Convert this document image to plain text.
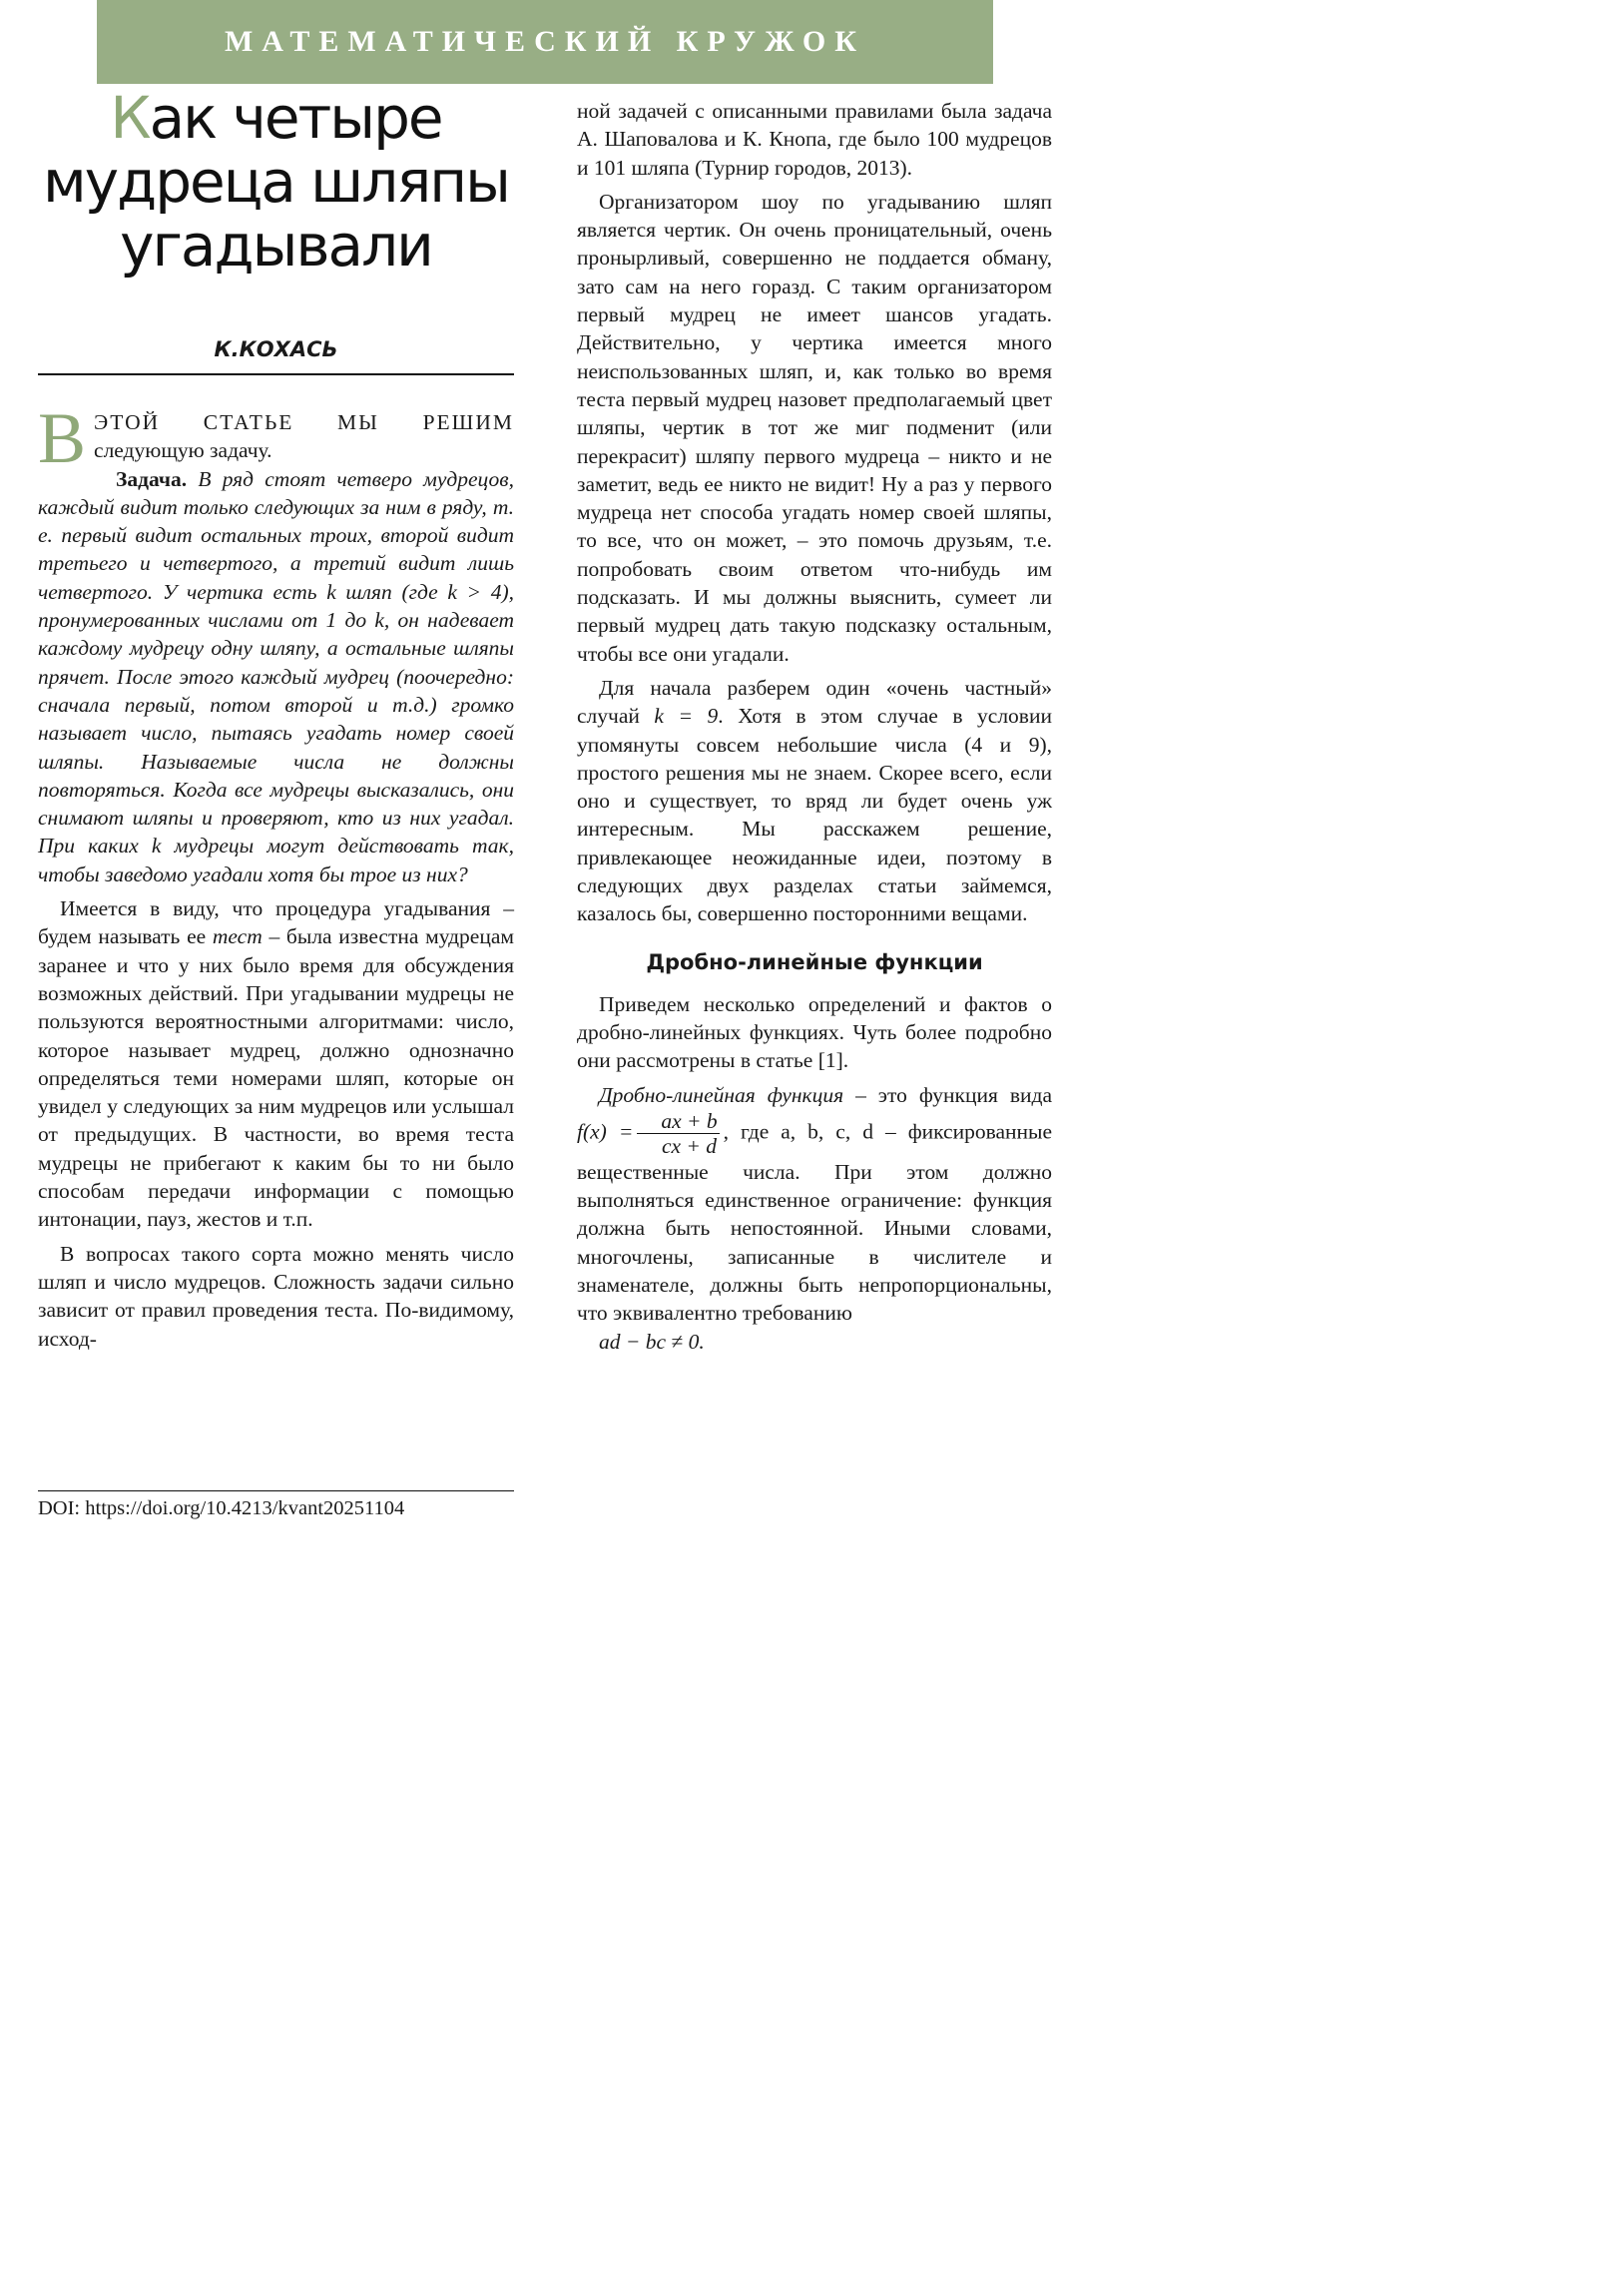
МАТЕМАТИЧЕСКИЙ КРУЖОК
Как четыре
мудреца шляпы
угадывали
К.КОХАСЬ

В ЭТОЙ СТАТЬЕ МЫ РЕШИМ следующую задачу.

Задача. В ряд стоят четверо мудрецов, каждый видит только следующих за ним в ряду, т. е. первый видит остальных троих, второй видит третьего и четвертого, а третий видит лишь четвертого. У чертика есть k шляп (где k > 4), пронумерованных числами от 1 до k, он надевает каждому мудрецу одну шляпу, а остальные шляпы прячет. После этого каждый мудрец (поочередно: сначала первый, потом второй и т.д.) громко называет число, пытаясь угадать номер своей шляпы. Называемые числа не должны повторяться. Когда все мудрецы высказались, они снимают шляпы и проверяют, кто из них угадал. При каких k мудрецы могут действовать так, чтобы заведомо угадали хотя бы трое из них?

Имеется в виду, что процедура угадывания – будем называть ее тест – была известна мудрецам заранее и что у них было время для обсуждения возможных действий. При угадывании мудрецы не пользуются вероятностными алгоритмами: число, которое называет мудрец, должно однозначно определяться теми номерами шляп, которые он увидел у следующих за ним мудрецов или услышал от предыдущих. В частности, во время теста мудрецы не прибегают к каким бы то ни было способам передачи информации с помощью интонации, пауз, жестов и т.п.

В вопросах такого сорта можно менять число шляп и число мудрецов. Сложность задачи сильно зависит от правил проведения теста. По-видимому, исход-

DOI: https://doi.org/10.4213/kvant20251104

ной задачей с описанными правилами была задача А. Шаповалова и К. Кнопа, где было 100 мудрецов и 101 шляпа (Турнир городов, 2013).

Организатором шоу по угадыванию шляп является чертик. Он очень проницательный, очень пронырливый, совершенно не поддается обману, зато сам на него горазд. С таким организатором первый мудрец не имеет шансов угадать. Действительно, у чертика имеется много неиспользованных шляп, и, как только во время теста первый мудрец назовет предполагаемый цвет шляпы, чертик в тот же миг подменит (или перекрасит) шляпу первого мудреца – никто и не заметит, ведь ее никто не видит! Ну а раз у первого мудреца нет способа угадать номер своей шляпы, то все, что он может, – это помочь друзьям, т.е. попробовать своим ответом что-нибудь им подсказать. И мы должны выяснить, сумеет ли первый мудрец дать такую подсказку остальным, чтобы все они угадали.

Для начала разберем один «очень частный» случай k = 9. Хотя в этом случае в условии упомянуты совсем небольшие числа (4 и 9), простого решения мы не знаем. Скорее всего, если оно и существует, то вряд ли будет очень уж интересным. Мы расскажем решение, привлекающее неожиданные идеи, поэтому в следующих двух разделах статьи займемся, казалось бы, совершенно посторонними вещами.

Дробно-линейные функции

Приведем несколько определений и фактов о дробно-линейных функциях. Чуть более подробно они рассмотрены в статье [1].

Дробно-линейная функция – это функция вида $f(x) = \frac{ax + b}{cx + d}$ , где a, b, c, d – фиксированные вещественные числа. При этом должно выполняться единственное ограничение: функция должна быть непостоянной. Иными словами, многочлены, записанные в числителе и знаменателе, должны быть непропорциональны, что эквивалентно требованию

ad − bc ≠ 0.
